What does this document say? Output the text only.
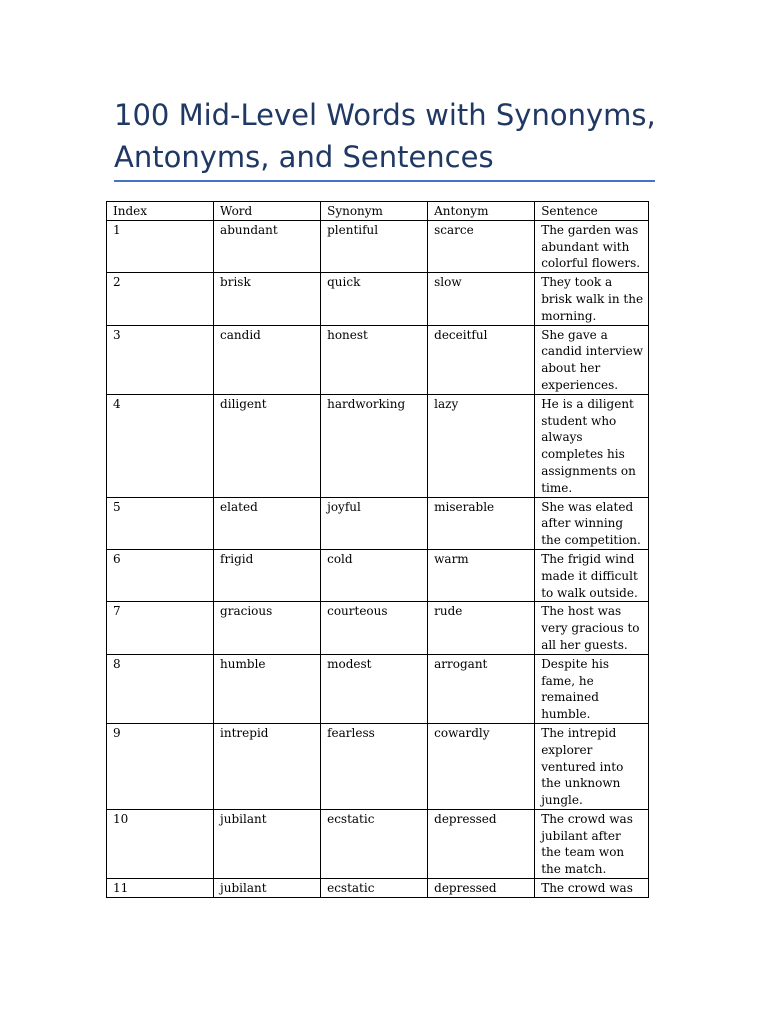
100 Mid-Level Words with Synonyms, Antonyms, and Sentences
Index	Word	Synonym	Antonym	Sentence
1	abundant	plentiful	scarce	The garden was abundant with colorful flowers.
2	brisk	quick	slow	They took a brisk walk in the morning.
3	candid	honest	deceitful	She gave a candid interview about her experiences.
4	diligent	hardworking	lazy	He is a diligent student who always completes his assignments on time.
5	elated	joyful	miserable	She was elated after winning the competition.
6	frigid	cold	warm	The frigid wind made it difficult to walk outside.
7	gracious	courteous	rude	The host was very gracious to all her guests.
8	humble	modest	arrogant	Despite his fame, he remained humble.
9	intrepid	fearless	cowardly	The intrepid explorer ventured into the unknown jungle.
10	jubilant	ecstatic	depressed	The crowd was jubilant after the team won the match.
11	jubilant	ecstatic	depressed	The crowd was
